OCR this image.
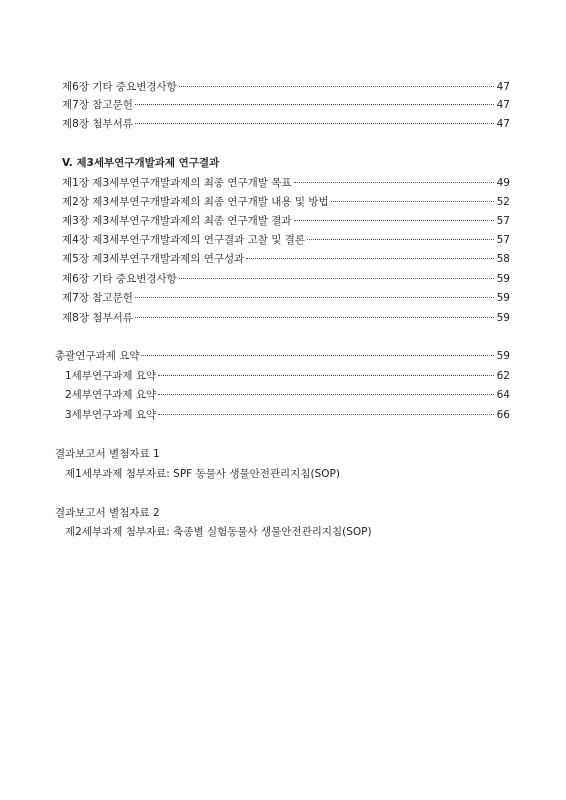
제6장 기타 중요변경사항	47
제7장 참고문헌	47
제8장 첨부서류	47
V. 제3세부연구개발과제 연구결과
제1장 제3세부연구개발과제의 최종 연구개발 목표	49
제2장 제3세부연구개발과제의 최종 연구개발 내용 및 방법	52
제3장 제3세부연구개발과제의 최종 연구개발 결과	57
제4장 제3세부연구개발과제의 연구결과 고찰 및 결론	57
제5장 제3세부연구개발과제의 연구성과	58
제6장 기타 중요변경사항	59
제7장 참고문헌	59
제8장 첨부서류	59
총괄연구과제 요약	59
1세부연구과제 요약	62
2세부연구과제 요약	64
3세부연구과제 요약	66
결과보고서 별첨자료 1
제1세부과제 첨부자료: SPF 동물사 생물안전관리지침(SOP)
결과보고서 별첨자료 2
제2세부과제 첨부자료: 축종별 실험동물사 생물안전관리지침(SOP)
